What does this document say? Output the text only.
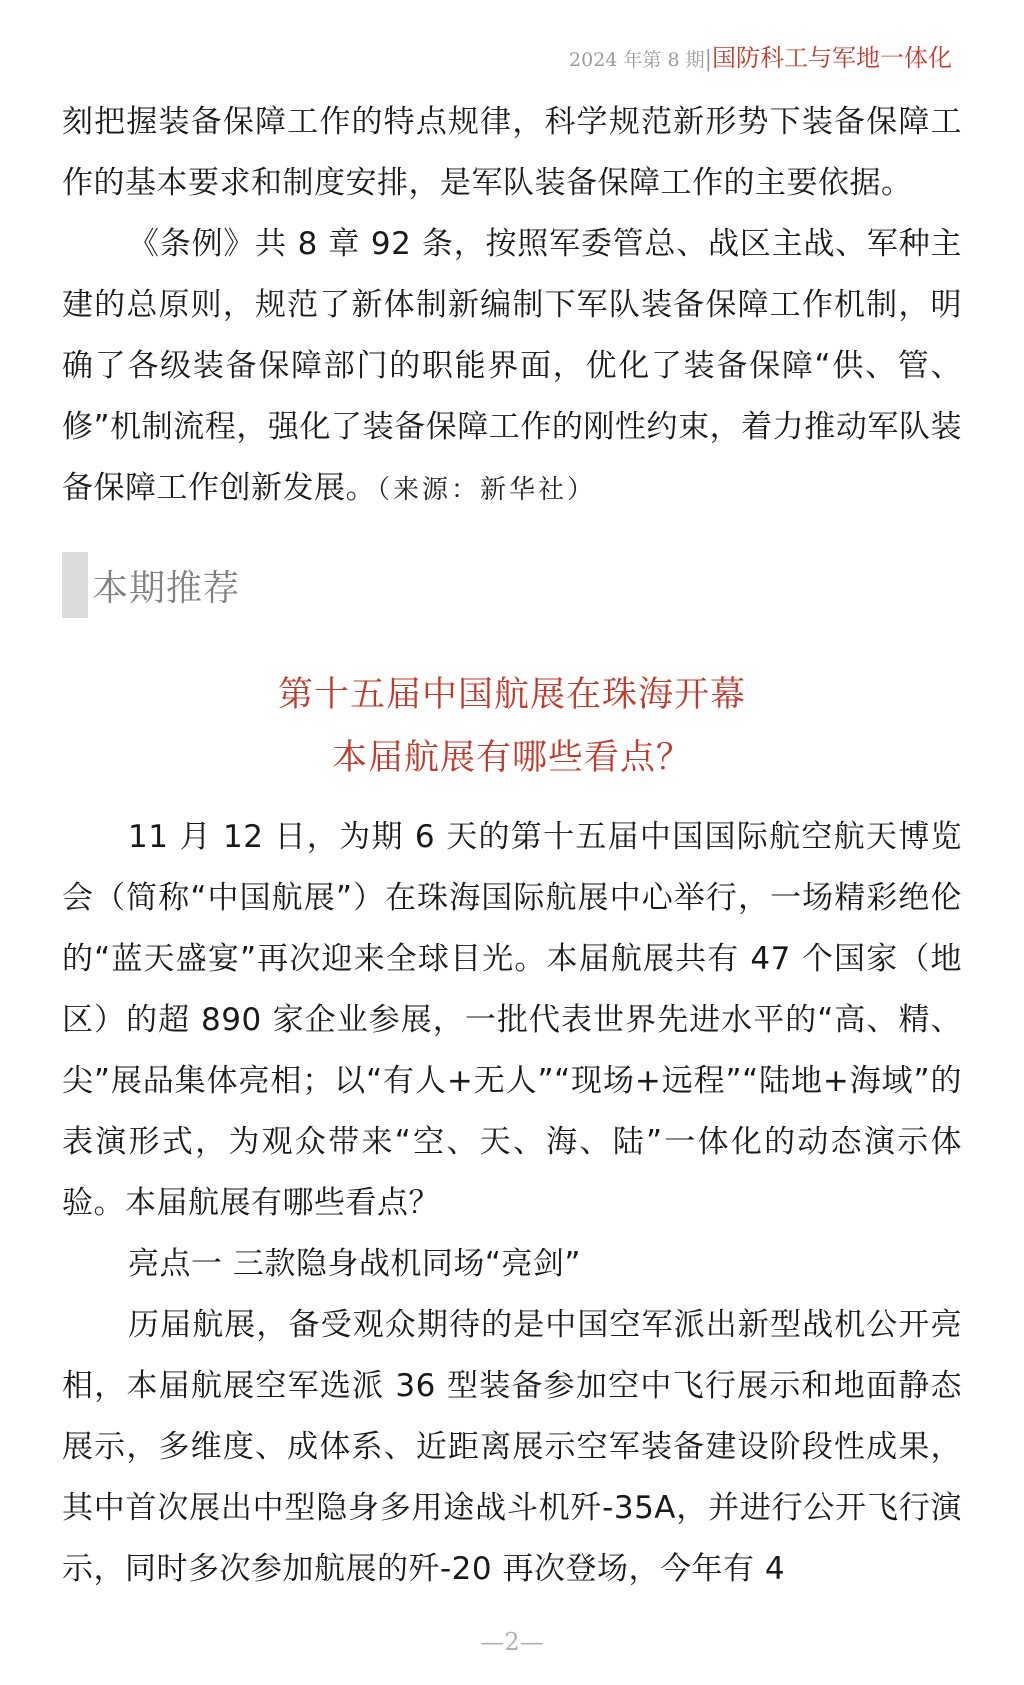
2024 年第 8 期|国防科工与军地一体化

刻把握装备保障工作的特点规律，科学规范新形势下装备保障工作的基本要求和制度安排，是军队装备保障工作的主要依据。

《条例》共 8 章 92 条，按照军委管总、战区主战、军种主建的总原则，规范了新体制新编制下军队装备保障工作机制，明确了各级装备保障部门的职能界面，优化了装备保障“供、管、修”机制流程，强化了装备保障工作的刚性约束，着力推动军队装备保障工作创新发展。（来源：新华社）

本期推荐
第十五届中国航展在珠海开幕
本届航展有哪些看点？

11 月 12 日，为期 6 天的第十五届中国国际航空航天博览会（简称“中国航展”）在珠海国际航展中心举行，一场精彩绝伦的“蓝天盛宴”再次迎来全球目光。本届航展共有 47 个国家（地区）的超 890 家企业参展，一批代表世界先进水平的“高、精、尖”展品集体亮相；以“有人+无人”“现场+远程”“陆地+海域”的表演形式，为观众带来“空、天、海、陆”一体化的动态演示体验。本届航展有哪些看点？

亮点一 三款隐身战机同场“亮剑”

历届航展，备受观众期待的是中国空军派出新型战机公开亮相，本届航展空军选派 36 型装备参加空中飞行展示和地面静态展示，多维度、成体系、近距离展示空军装备建设阶段性成果，其中首次展出中型隐身多用途战斗机歼-35A，并进行公开飞行演示，同时多次参加航展的歼-20 再次登场，今年有 4

—2—
